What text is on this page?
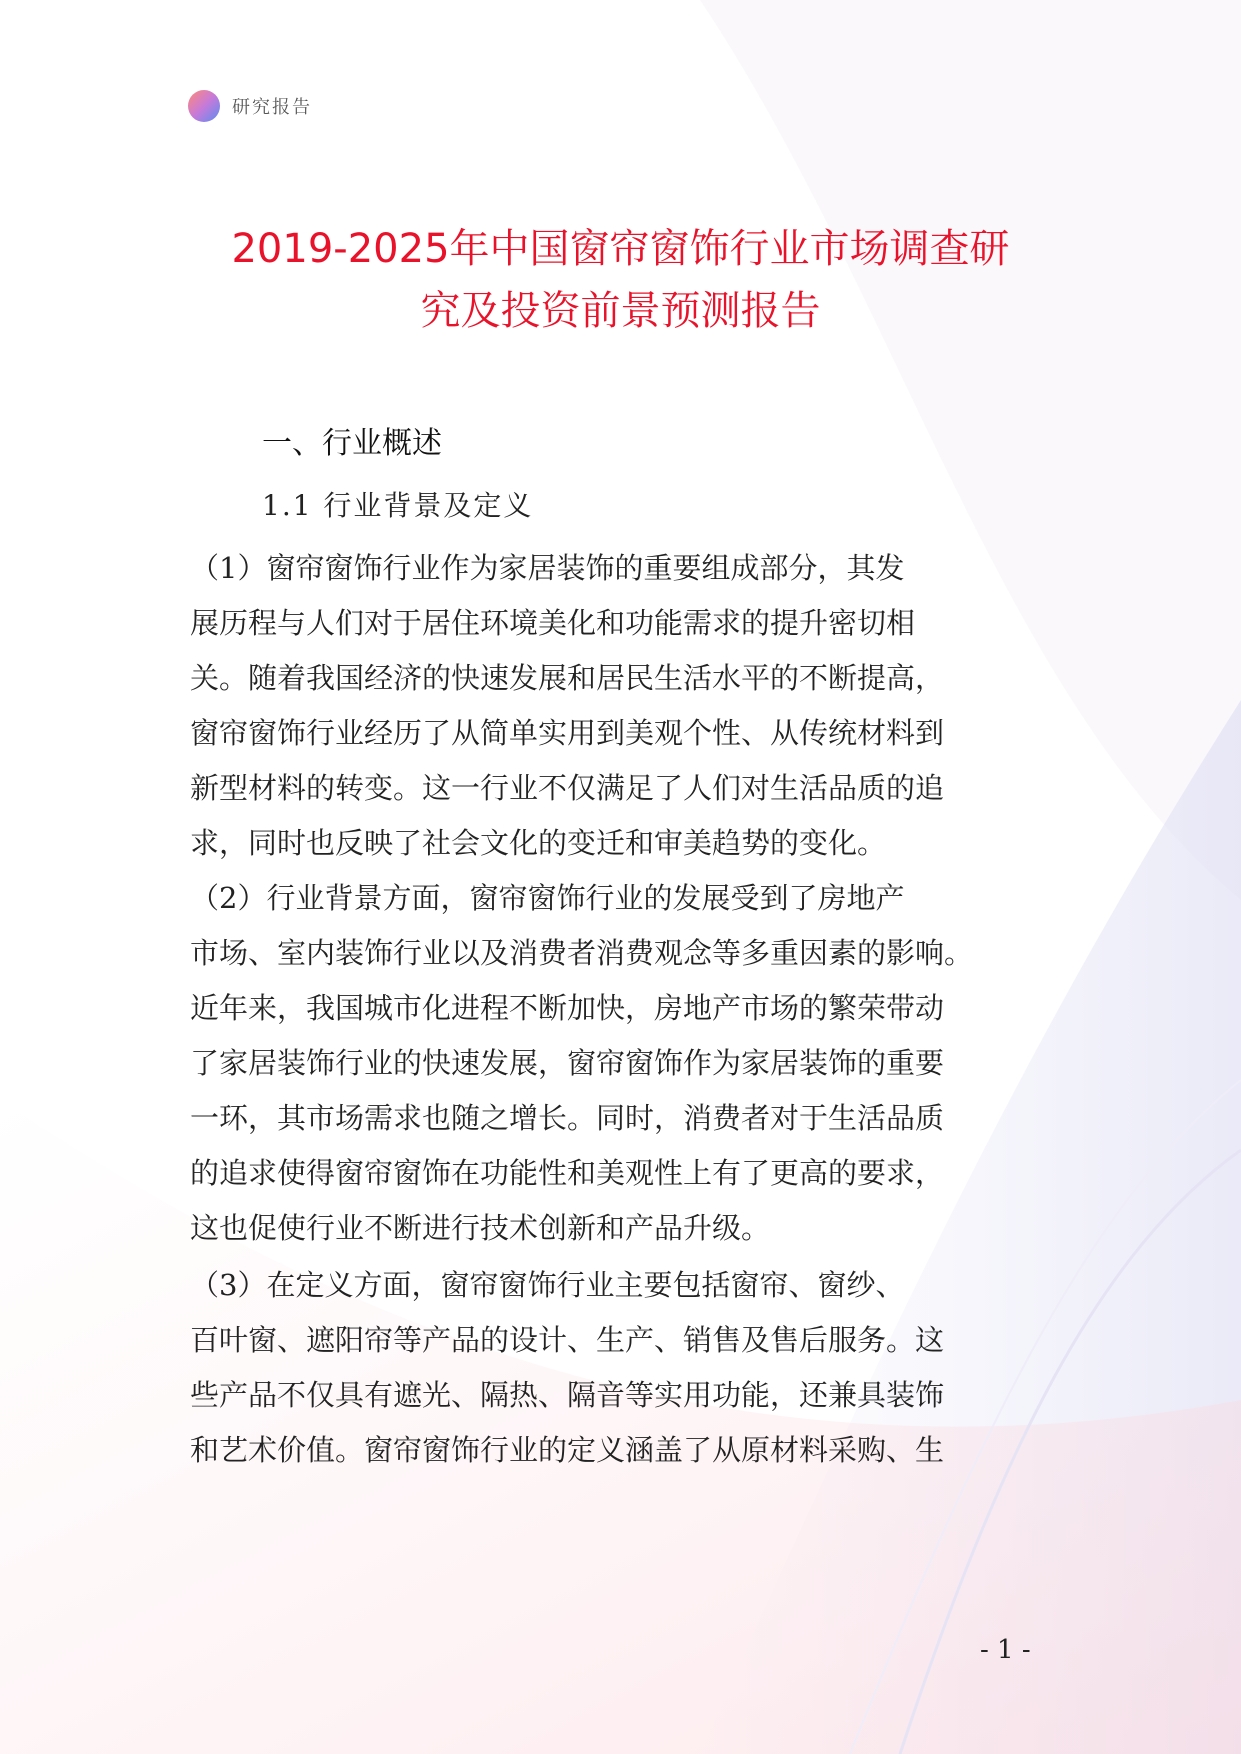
研究报告
2019-2025年中国窗帘窗饰行业市场调查研
究及投资前景预测报告
一、行业概述
1.1 行业背景及定义
（1）窗帘窗饰行业作为家居装饰的重要组成部分，其发
展历程与人们对于居住环境美化和功能需求的提升密切相
关。随着我国经济的快速发展和居民生活水平的不断提高，
窗帘窗饰行业经历了从简单实用到美观个性、从传统材料到
新型材料的转变。这一行业不仅满足了人们对生活品质的追
求，同时也反映了社会文化的变迁和审美趋势的变化。
（2）行业背景方面，窗帘窗饰行业的发展受到了房地产
市场、室内装饰行业以及消费者消费观念等多重因素的影响。
近年来，我国城市化进程不断加快，房地产市场的繁荣带动
了家居装饰行业的快速发展，窗帘窗饰作为家居装饰的重要
一环，其市场需求也随之增长。同时，消费者对于生活品质
的追求使得窗帘窗饰在功能性和美观性上有了更高的要求，
这也促使行业不断进行技术创新和产品升级。
（3）在定义方面，窗帘窗饰行业主要包括窗帘、窗纱、
百叶窗、遮阳帘等产品的设计、生产、销售及售后服务。这
些产品不仅具有遮光、隔热、隔音等实用功能，还兼具装饰
和艺术价值。窗帘窗饰行业的定义涵盖了从原材料采购、生
- 1 -
